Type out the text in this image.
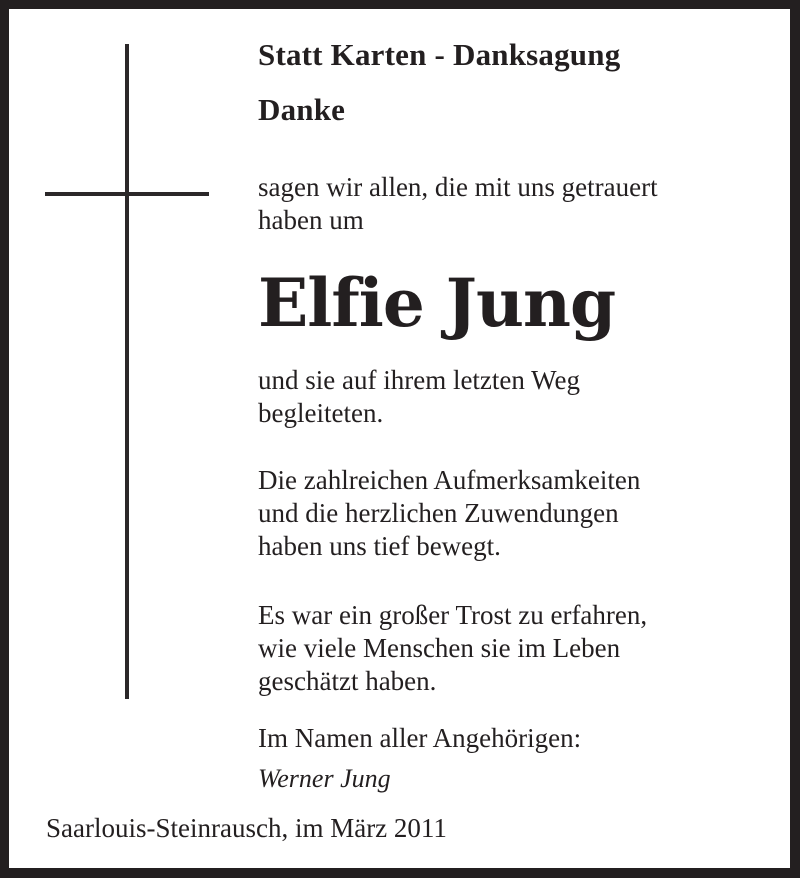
Statt Karten - Danksagung
Danke
sagen wir allen, die mit uns getrauert
haben um
Elfie Jung
und sie auf ihrem letzten Weg
begleiteten.
Die zahlreichen Aufmerksamkeiten
und die herzlichen Zuwendungen
haben uns tief bewegt.
Es war ein großer Trost zu erfahren,
wie viele Menschen sie im Leben
geschätzt haben.
Im Namen aller Angehörigen:
Werner Jung
Saarlouis-Steinrausch, im März 2011
